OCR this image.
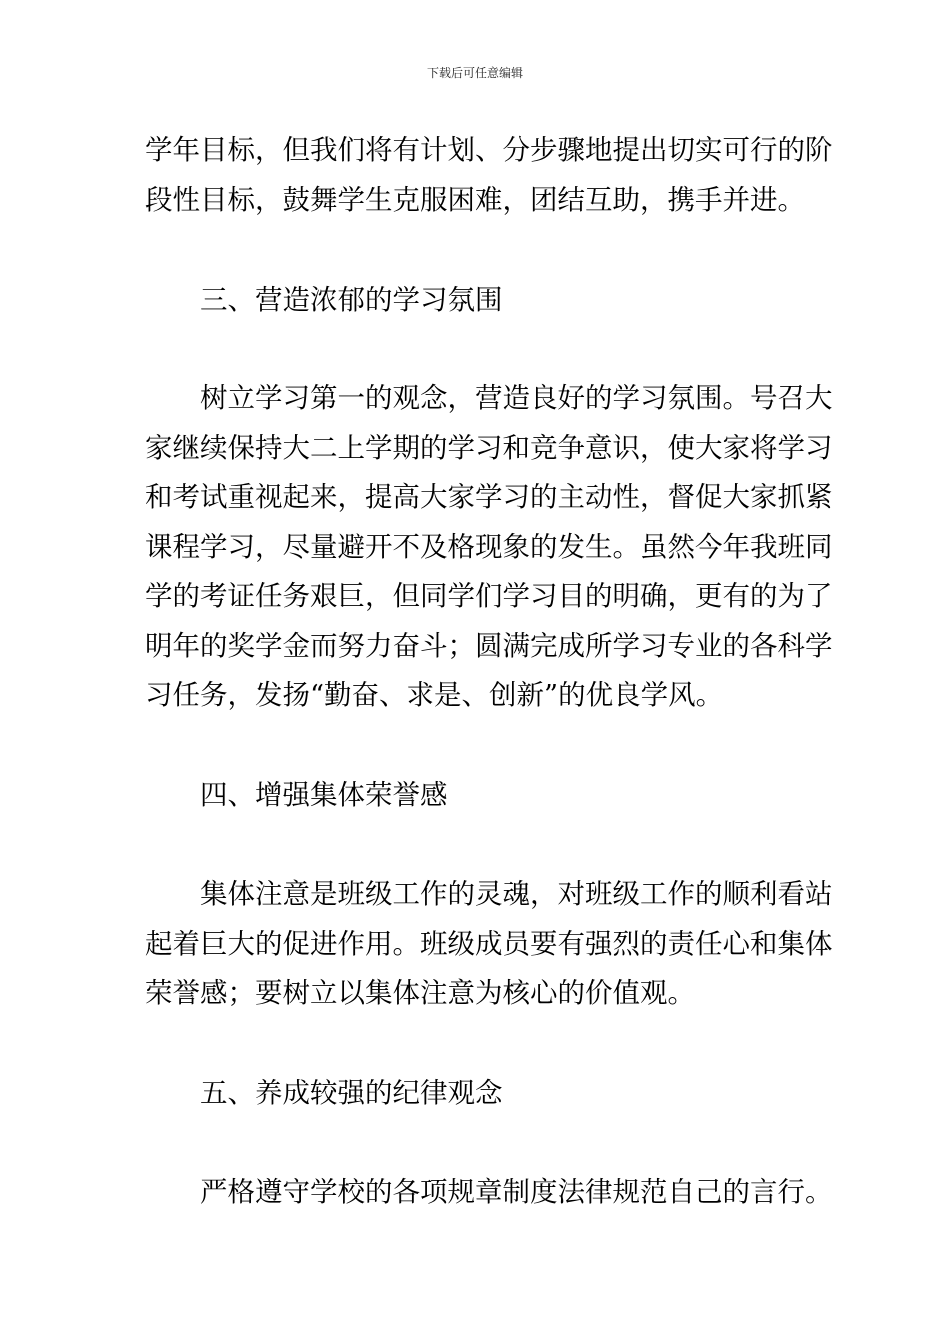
下载后可任意编辑
学年目标，但我们将有计划、分步骤地提出切实可行的阶
段性目标，鼓舞学生克服困难，团结互助，携手并进。
三、营造浓郁的学习氛围
树立学习第一的观念，营造良好的学习氛围。号召大
家继续保持大二上学期的学习和竞争意识，使大家将学习
和考试重视起来，提高大家学习的主动性，督促大家抓紧
课程学习，尽量避开不及格现象的发生。虽然今年我班同
学的考证任务艰巨，但同学们学习目的明确，更有的为了
明年的奖学金而努力奋斗；圆满完成所学习专业的各科学
习任务，发扬“勤奋、求是、创新”的优良学风。
四、增强集体荣誉感
集体注意是班级工作的灵魂，对班级工作的顺利看站
起着巨大的促进作用。班级成员要有强烈的责任心和集体
荣誉感；要树立以集体注意为核心的价值观。
五、养成较强的纪律观念
严格遵守学校的各项规章制度法律规范自己的言行。
